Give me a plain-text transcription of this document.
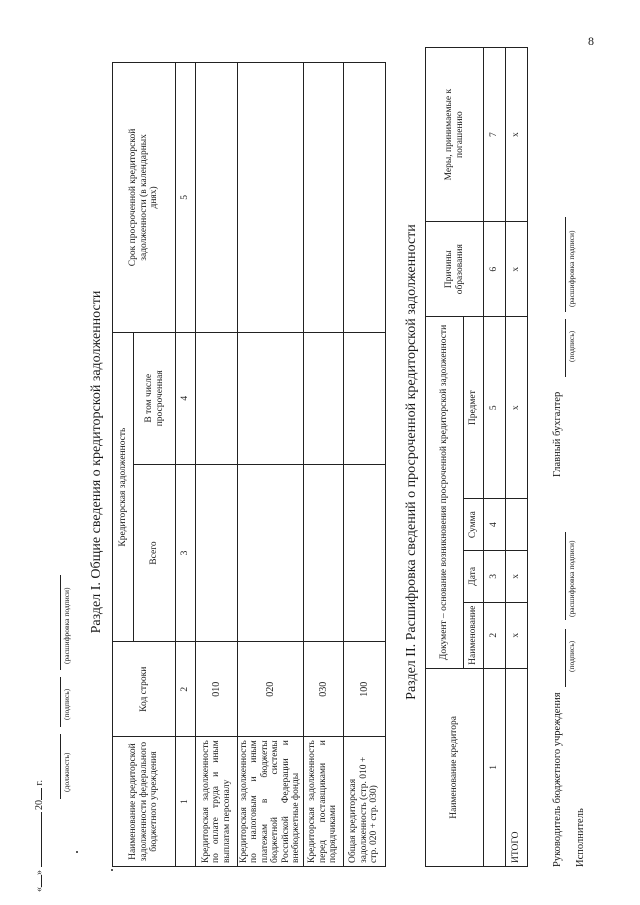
8
Раздел I. Общие сведения о кредиторской задолженности
Наименование кредиторской задолженности федерального бюджетного учреждения	Код строки	Кредиторская задолженность		Срок просроченной кредиторской задолженности (в календарных днях)
		Всего	В том числе просроченная	
1	2	3	4	5
Кредиторская задолженность по оплате труда и иным выплатам персоналу	010			
Кредиторская задолженность по налоговым и иным платежам в бюджеты бюджетной системы Российской Федерации и внебюджетные фонды	020			
Кредиторская задолженность перед поставщиками и подрядчиками	030			
Общая кредиторская задолженность (стр. 010 + стр. 020 + стр. 030)	100			Раздел II. Расшифровка сведений о просроченной кредиторской задолженности
Наименование кредитора	Документ – основание возникновения просроченной кредиторской задолженности				Причины образования	Меры, принимаемые к погашению
	Наименование	Дата	Сумма	Предмет		
1	2	3	4	5	6	7
ИТОГО	x	x		x	x	x
Руководитель бюджетного учреждения
(подпись)
(расшифровка подписи)
Главный бухгалтер
(подпись)
(расшифровка подписи)
Исполнитель
(должность)
(подпись)
(расшифровка подписи)
«»  20 г.
